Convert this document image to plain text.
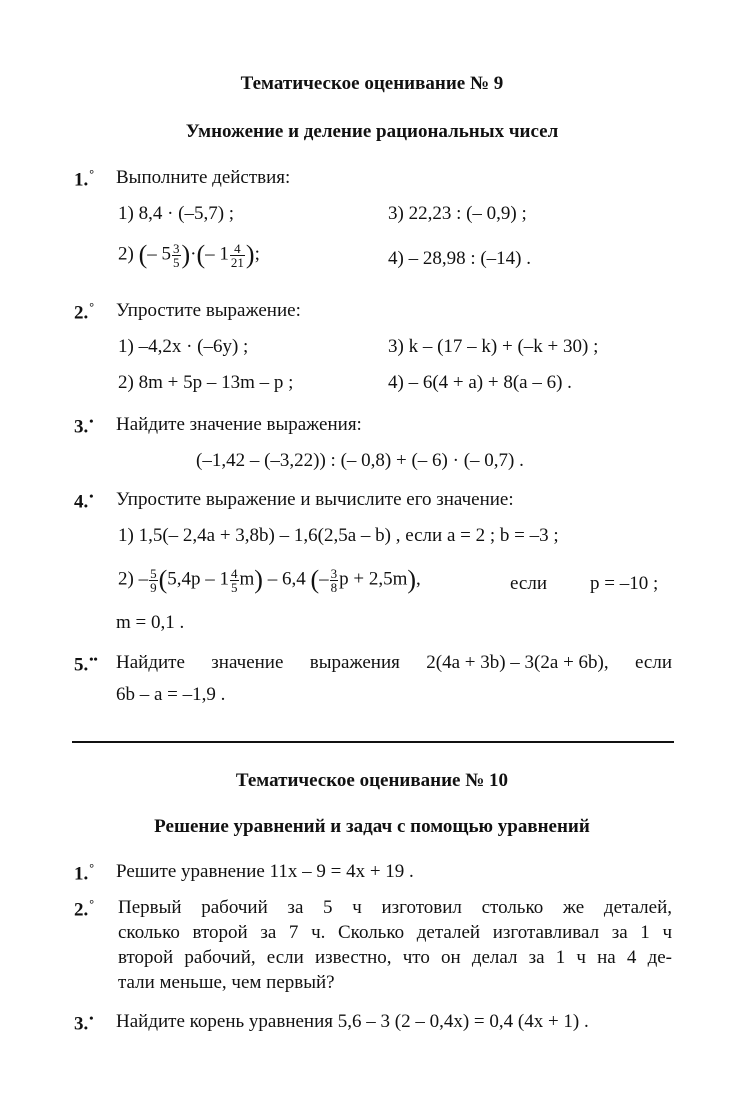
Тематическое оценивание № 9
Умножение и деление рациональных чисел
1.° Выполните действия:
1) 8,4 · (–5,7) ;	3) 22,23 : (– 0,9) ;
2) (– $5 \frac{3}{5}$ )·(– $1 \frac{4}{21}$ );	4) – 28,98 : (–14) .
2.° Упростите выражение:
1) –4,2x · (–6y) ;	3) k – (17 – k) + (–k + 30) ;
2) 8m + 5p – 13m – p ;	4) – 6(4 + a) + 8(a – 6) .
3.• Найдите значение выражения:
(–1,42 – (–3,22)) : (– 0,8) + (– 6) · (– 0,7) .
4.• Упростите выражение и вычислите его значение:
1) 1,5(– 2,4a + 3,8b) – 1,6(2,5a – b) , если a = 2 ; b = –3 ;
$2) - \frac{5}{9} (5,4p - 1 \frac{4}{5} m) - 6,4$ (– $\frac{3}{8}$ p + 2,5m),	если p = –10 ;
m = 0,1 .
5.•• Найдите значение выражения 2(4a + 3b) – 3(2a + 6b), если
6b – a = –1,9 .
Тематическое оценивание № 10
Решение уравнений и задач с помощью уравнений
1.° Решите уравнение 11x – 9 = 4x + 19 .
2.° Первый рабочий за 5 ч изготовил столько же деталей,
сколько второй за 7 ч. Сколько деталей изготавливал за 1 ч
второй рабочий, если известно, что он делал за 1 ч на 4 де-
тали меньше, чем первый?
3.• Найдите корень уравнения 5,6 – 3 (2 – 0,4x) = 0,4 (4x + 1) .
